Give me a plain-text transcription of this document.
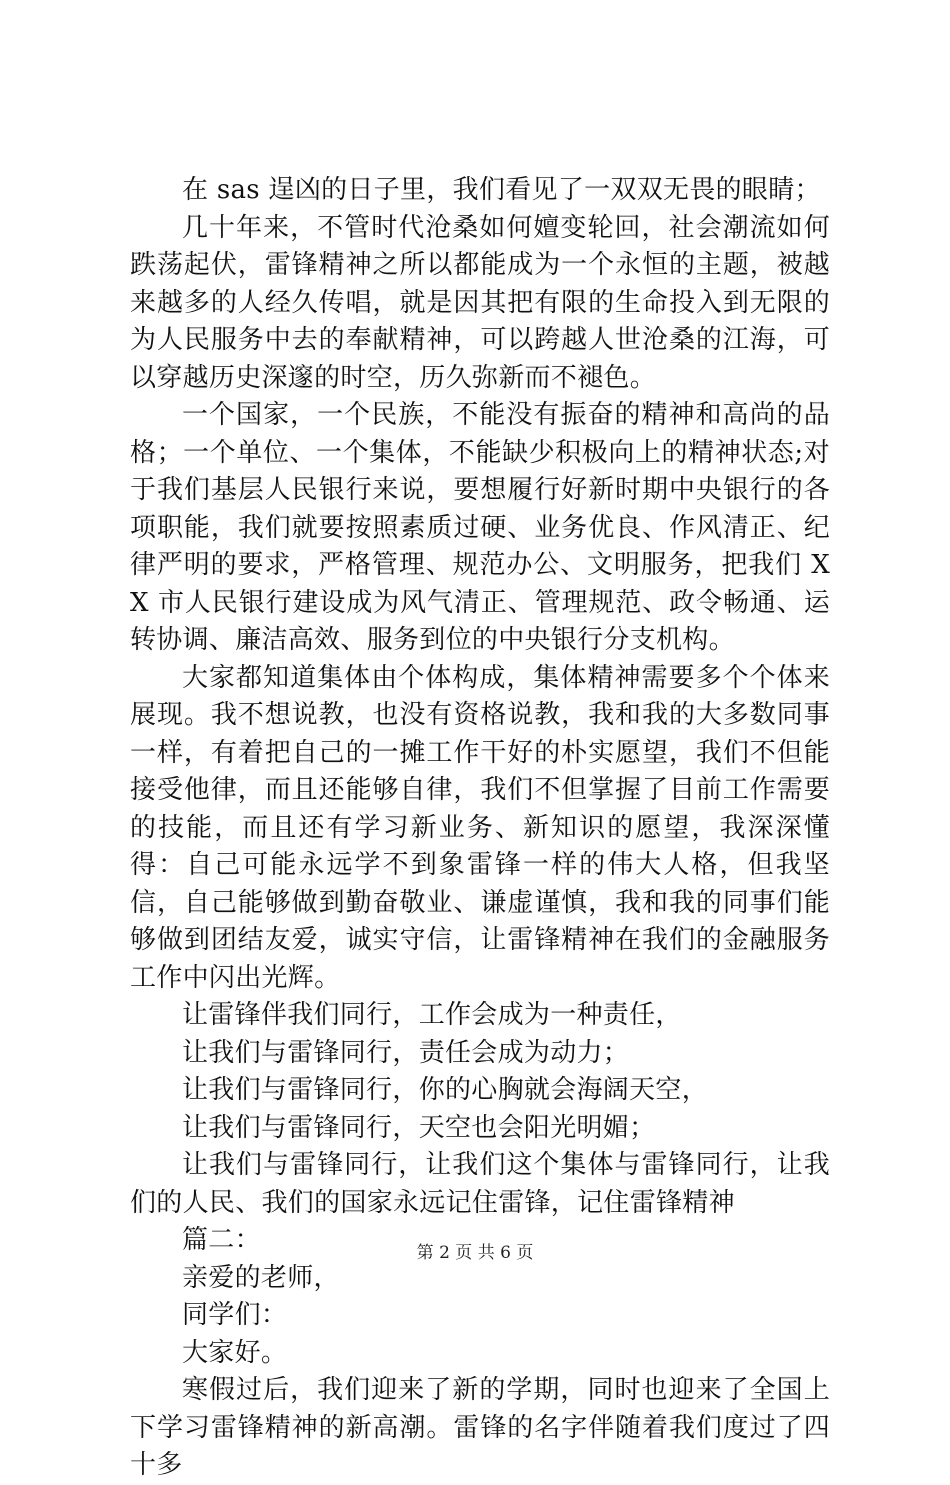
在 sas 逞凶的日子里，我们看见了一双双无畏的眼睛；

几十年来，不管时代沧桑如何嬗变轮回，社会潮流如何跌荡起伏，雷锋精神之所以都能成为一个永恒的主题，被越来越多的人经久传唱，就是因其把有限的生命投入到无限的为人民服务中去的奉献精神，可以跨越人世沧桑的江海，可以穿越历史深邃的时空，历久弥新而不褪色。

一个国家，一个民族，不能没有振奋的精神和高尚的品格；一个单位、一个集体，不能缺少积极向上的精神状态;对于我们基层人民银行来说，要想履行好新时期中央银行的各项职能，我们就要按照素质过硬、业务优良、作风清正、纪律严明的要求，严格管理、规范办公、文明服务，把我们 XX 市人民银行建设成为风气清正、管理规范、政令畅通、运转协调、廉洁高效、服务到位的中央银行分支机构。

大家都知道集体由个体构成，集体精神需要多个个体来展现。我不想说教，也没有资格说教，我和我的大多数同事一样，有着把自己的一摊工作干好的朴实愿望，我们不但能接受他律，而且还能够自律，我们不但掌握了目前工作需要的技能，而且还有学习新业务、新知识的愿望，我深深懂得：自己可能永远学不到象雷锋一样的伟大人格，但我坚信，自己能够做到勤奋敬业、谦虚谨慎，我和我的同事们能够做到团结友爱，诚实守信，让雷锋精神在我们的金融服务工作中闪出光辉。

让雷锋伴我们同行，工作会成为一种责任，

让我们与雷锋同行，责任会成为动力；

让我们与雷锋同行，你的心胸就会海阔天空，

让我们与雷锋同行，天空也会阳光明媚；

让我们与雷锋同行，让我们这个集体与雷锋同行，让我们的人民、我们的国家永远记住雷锋，记住雷锋精神

篇二：

亲爱的老师，

同学们：

大家好。

寒假过后，我们迎来了新的学期，同时也迎来了全国上下学习雷锋精神的新高潮。雷锋的名字伴随着我们度过了四十多

第 2 页 共 6 页
